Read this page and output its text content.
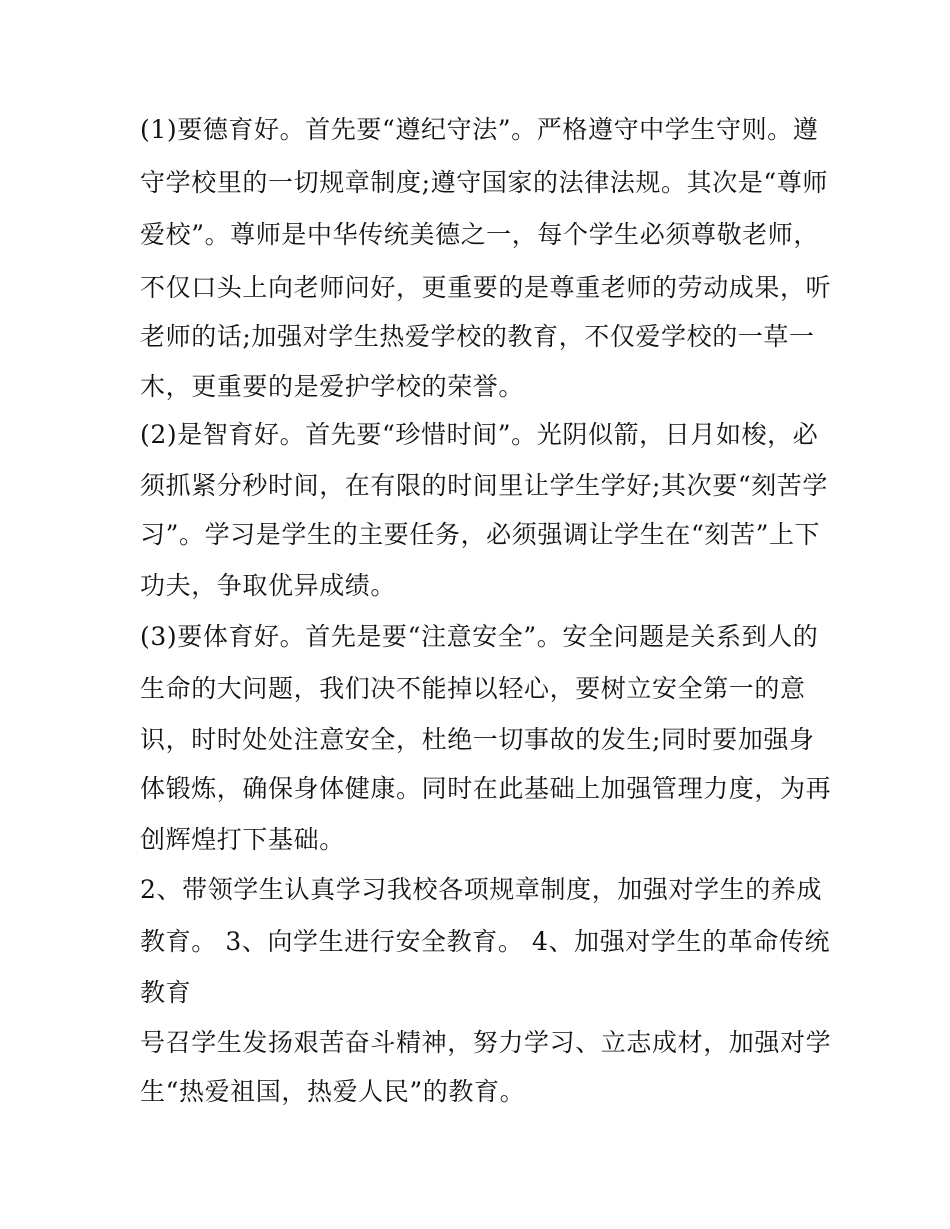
(1)要德育好。首先要“遵纪守法”。严格遵守中学生守则。遵
守学校里的一切规章制度;遵守国家的法律法规。其次是“尊师
爱校”。尊师是中华传统美德之一，每个学生必须尊敬老师，
不仅口头上向老师问好，更重要的是尊重老师的劳动成果，听
老师的话;加强对学生热爱学校的教育，不仅爱学校的一草一
木，更重要的是爱护学校的荣誉。
(2)是智育好。首先要“珍惜时间”。光阴似箭，日月如梭，必
须抓紧分秒时间，在有限的时间里让学生学好;其次要“刻苦学
习”。学习是学生的主要任务，必须强调让学生在“刻苦”上下
功夫，争取优异成绩。
(3)要体育好。首先是要“注意安全”。安全问题是关系到人的
生命的大问题，我们决不能掉以轻心，要树立安全第一的意
识，时时处处注意安全，杜绝一切事故的发生;同时要加强身
体锻炼，确保身体健康。同时在此基础上加强管理力度，为再
创辉煌打下基础。
2、带领学生认真学习我校各项规章制度，加强对学生的养成
教育。 3、向学生进行安全教育。 4、加强对学生的革命传统
教育
号召学生发扬艰苦奋斗精神，努力学习、立志成材，加强对学
生“热爱祖国，热爱人民”的教育。
